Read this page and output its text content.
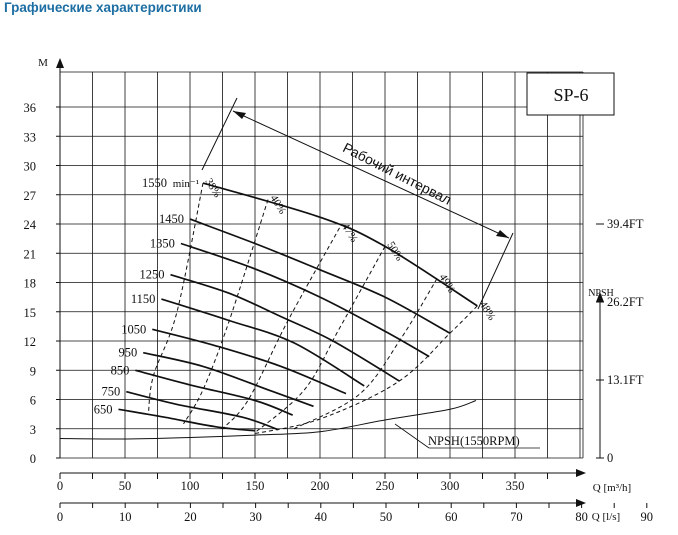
Графические характеристики
M
0
3
6
9
12
15
18
21
24
27
30
33
36
SP-6
NPSH
0
13.1FT
26.2FT
39.4FT
0	50	100	150	200	250	300	350	Q [m³/h]
0	10	20	30	40	50	60	70	80	90
Q [l/s]
1550
1450
1350
1250
1150
1050
950
850
750
650
min⁻¹ 38%
40%
47%
50%
49%
48%
NPSH(1550RPM)
Рабочий интервал
